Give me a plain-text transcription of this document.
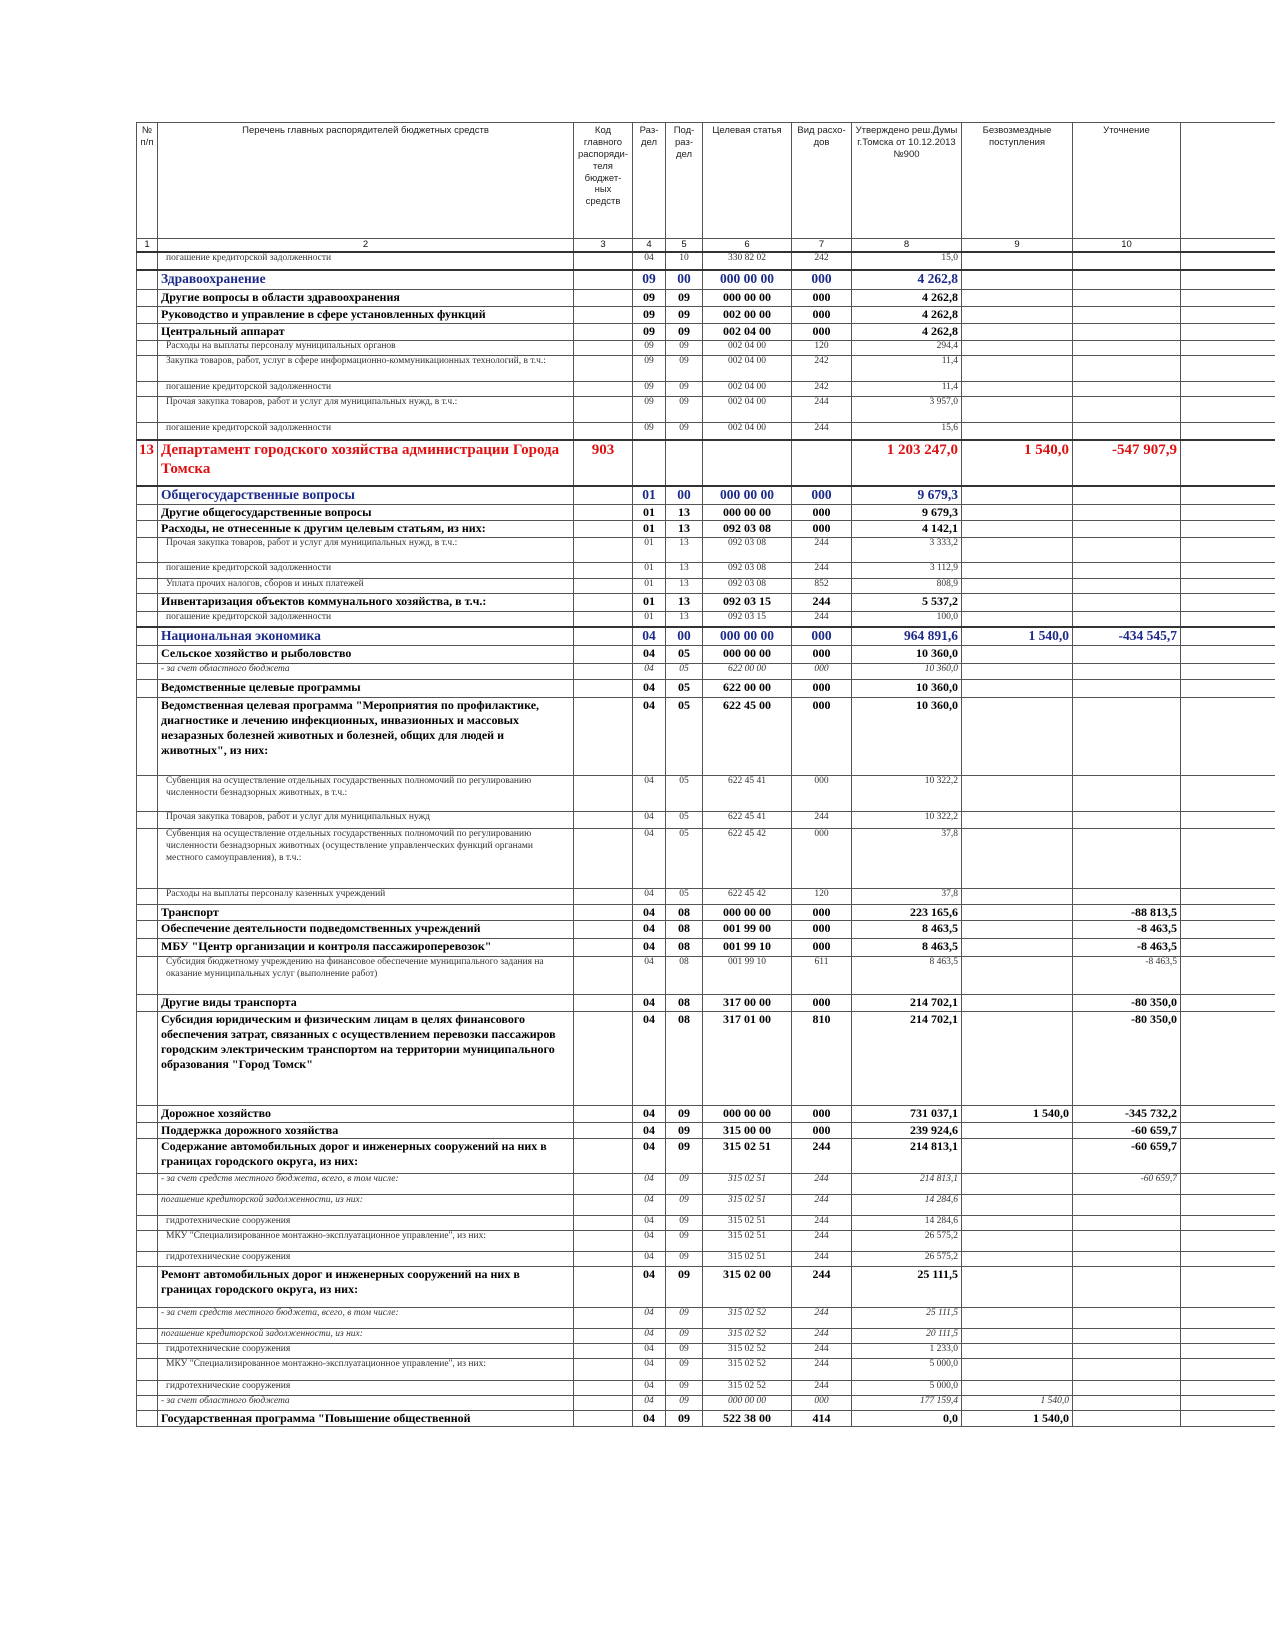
№ п/п	Перечень главных распорядителей бюджетных средств	Код главного распоряди-теля бюджет-ных средств	Раз-дел	Под-раз-дел	Целевая статья	Вид расхо-дов	Утверждено реш.Думы г.Томска от 10.12.2013 №900	Безвозмездные поступления	Уточнение	
1	2	3	4	5	6	7	8	9	10	
	погашение кредиторской задолженности		04	10	330 82 02	242	15,0			
	Здравоохранение		09	00	000 00 00	000	4 262,8			
	Другие вопросы в области здравоохранения		09	09	000 00 00	000	4 262,8			
	Руководство и управление в сфере установленных функций		09	09	002 00 00	000	4 262,8			
	Центральный аппарат		09	09	002 04 00	000	4 262,8			
	Расходы на выплаты персоналу муниципальных органов		09	09	002 04 00	120	294,4			
	Закупка товаров, работ, услуг в сфере информационно-коммуникационных технологий, в т.ч.:		09	09	002 04 00	242	11,4			
	погашение кредиторской задолженности		09	09	002 04 00	242	11,4			
	Прочая закупка товаров, работ и услуг для муниципальных нужд, в т.ч.:		09	09	002 04 00	244	3 957,0			
	погашение кредиторской задолженности		09	09	002 04 00	244	15,6			
13	Департамент городского хозяйства администрации Города Томска	903					1 203 247,0	1 540,0	-547 907,9	
	Общегосударственные вопросы		01	00	000 00 00	000	9 679,3			
	Другие общегосударственные вопросы		01	13	000 00 00	000	9 679,3			
	Расходы, не отнесенные к другим целевым статьям, из них:		01	13	092 03 08	000	4 142,1			
	Прочая закупка товаров, работ и услуг для муниципальных нужд, в т.ч.:		01	13	092 03 08	244	3 333,2			
	погашение кредиторской задолженности		01	13	092 03 08	244	3 112,9			
	Уплата прочих налогов, сборов и иных платежей		01	13	092 03 08	852	808,9			
	Инвентаризация объектов коммунального хозяйства, в т.ч.:		01	13	092 03 15	244	5 537,2			
	погашение кредиторской задолженности		01	13	092 03 15	244	100,0			
	Национальная экономика		04	00	000 00 00	000	964 891,6	1 540,0	-434 545,7	
	Сельское хозяйство и рыболовство		04	05	000 00 00	000	10 360,0			
	- за счет областного бюджета		04	05	622 00 00	000	10 360,0			
	Ведомственные целевые программы		04	05	622 00 00	000	10 360,0			
	Ведомственная целевая программа "Мероприятия по профилактике, диагностике и лечению инфекционных, инвазионных и массовых незаразных болезней животных и болезней, общих для людей и животных", из них:		04	05	622 45 00	000	10 360,0			
	Субвенция на осуществление отдельных государственных полномочий по регулированию численности безнадзорных животных, в т.ч.:		04	05	622 45 41	000	10 322,2			
	Прочая закупка товаров, работ и услуг для муниципальных нужд		04	05	622 45 41	244	10 322,2			
	Субвенция на осуществление отдельных государственных полномочий по регулированию численности безнадзорных животных (осуществление управленческих функций органами местного самоуправления), в т.ч.:		04	05	622 45 42	000	37,8			
	Расходы на выплаты персоналу казенных учреждений		04	05	622 45 42	120	37,8			
	Транспорт		04	08	000 00 00	000	223 165,6		-88 813,5	
	Обеспечение деятельности подведомственных учреждений		04	08	001 99 00	000	8 463,5		-8 463,5	
	МБУ "Центр организации и контроля пассажироперевозок"		04	08	001 99 10	000	8 463,5		-8 463,5	
	Субсидия бюджетному учреждению на финансовое обеспечение муниципального задания на оказание муниципальных услуг (выполнение работ)		04	08	001 99 10	611	8 463,5		-8 463,5	
	Другие виды транспорта		04	08	317 00 00	000	214 702,1		-80 350,0	
	Субсидия юридическим и физическим лицам в целях финансового обеспечения затрат, связанных с осуществлением перевозки пассажиров городским электрическим транспортом на территории муниципального образования "Город Томск"		04	08	317 01 00	810	214 702,1		-80 350,0	
	Дорожное хозяйство		04	09	000 00 00	000	731 037,1	1 540,0	-345 732,2	
	Поддержка дорожного хозяйства		04	09	315 00 00	000	239 924,6		-60 659,7	
	Содержание автомобильных дорог и инженерных сооружений на них в границах городского округа, из них:		04	09	315 02 51	244	214 813,1		-60 659,7	
	- за счет средств местного бюджета, всего, в том числе:		04	09	315 02 51	244	214 813,1		-60 659,7	
	погашение кредиторской задолженности, из них:		04	09	315 02 51	244	14 284,6			
	гидротехнические сооружения		04	09	315 02 51	244	14 284,6			
	МКУ "Специализированное монтажно-эксплуатационное управление", из них:		04	09	315 02 51	244	26 575,2			
	гидротехнические сооружения		04	09	315 02 51	244	26 575,2			
	Ремонт автомобильных дорог и инженерных сооружений на них в границах городского округа, из них:		04	09	315 02 00	244	25 111,5			
	- за счет средств местного бюджета, всего, в том числе:		04	09	315 02 52	244	25 111,5			
	погашение кредиторской задолженности, из них:		04	09	315 02 52	244	20 111,5			
	гидротехнические сооружения		04	09	315 02 52	244	1 233,0			
	МКУ "Специализированное монтажно-эксплуатационное управление", из них:		04	09	315 02 52	244	5 000,0			
	гидротехнические сооружения		04	09	315 02 52	244	5 000,0			
	- за счет областного бюджета		04	09	000 00 00	000	177 159,4	1 540,0		
	Государственная программа "Повышение общественной		04	09	522 38 00	414	0,0	1 540,0		
